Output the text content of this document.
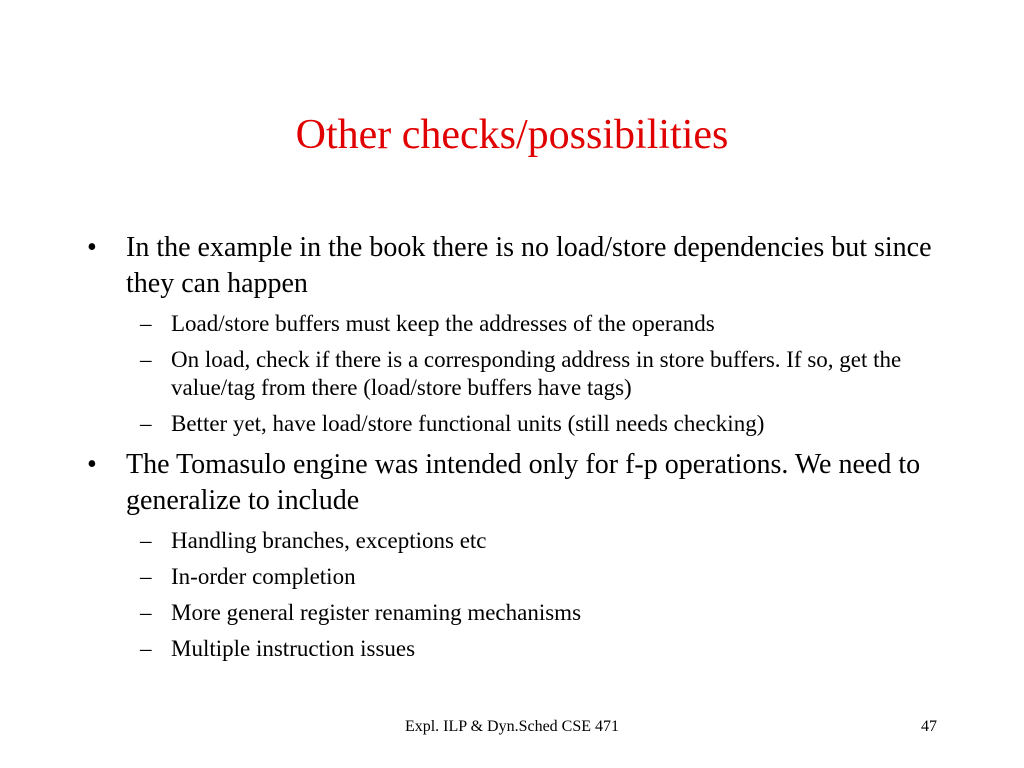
Other checks/possibilities
• In the example in the book there is no load/store dependencies but since they can happen
– Load/store buffers must keep the addresses of the operands
– On load, check if there is a corresponding address in store buffers. If so, get the value/tag from there (load/store buffers have tags)
– Better yet, have load/store functional units (still needs checking)
• The Tomasulo engine was intended only for f-p operations. We need to generalize to include
– Handling branches, exceptions etc
– In-order completion
– More general register renaming mechanisms
– Multiple instruction issues
Expl. ILP & Dyn.Sched CSE 471	47
